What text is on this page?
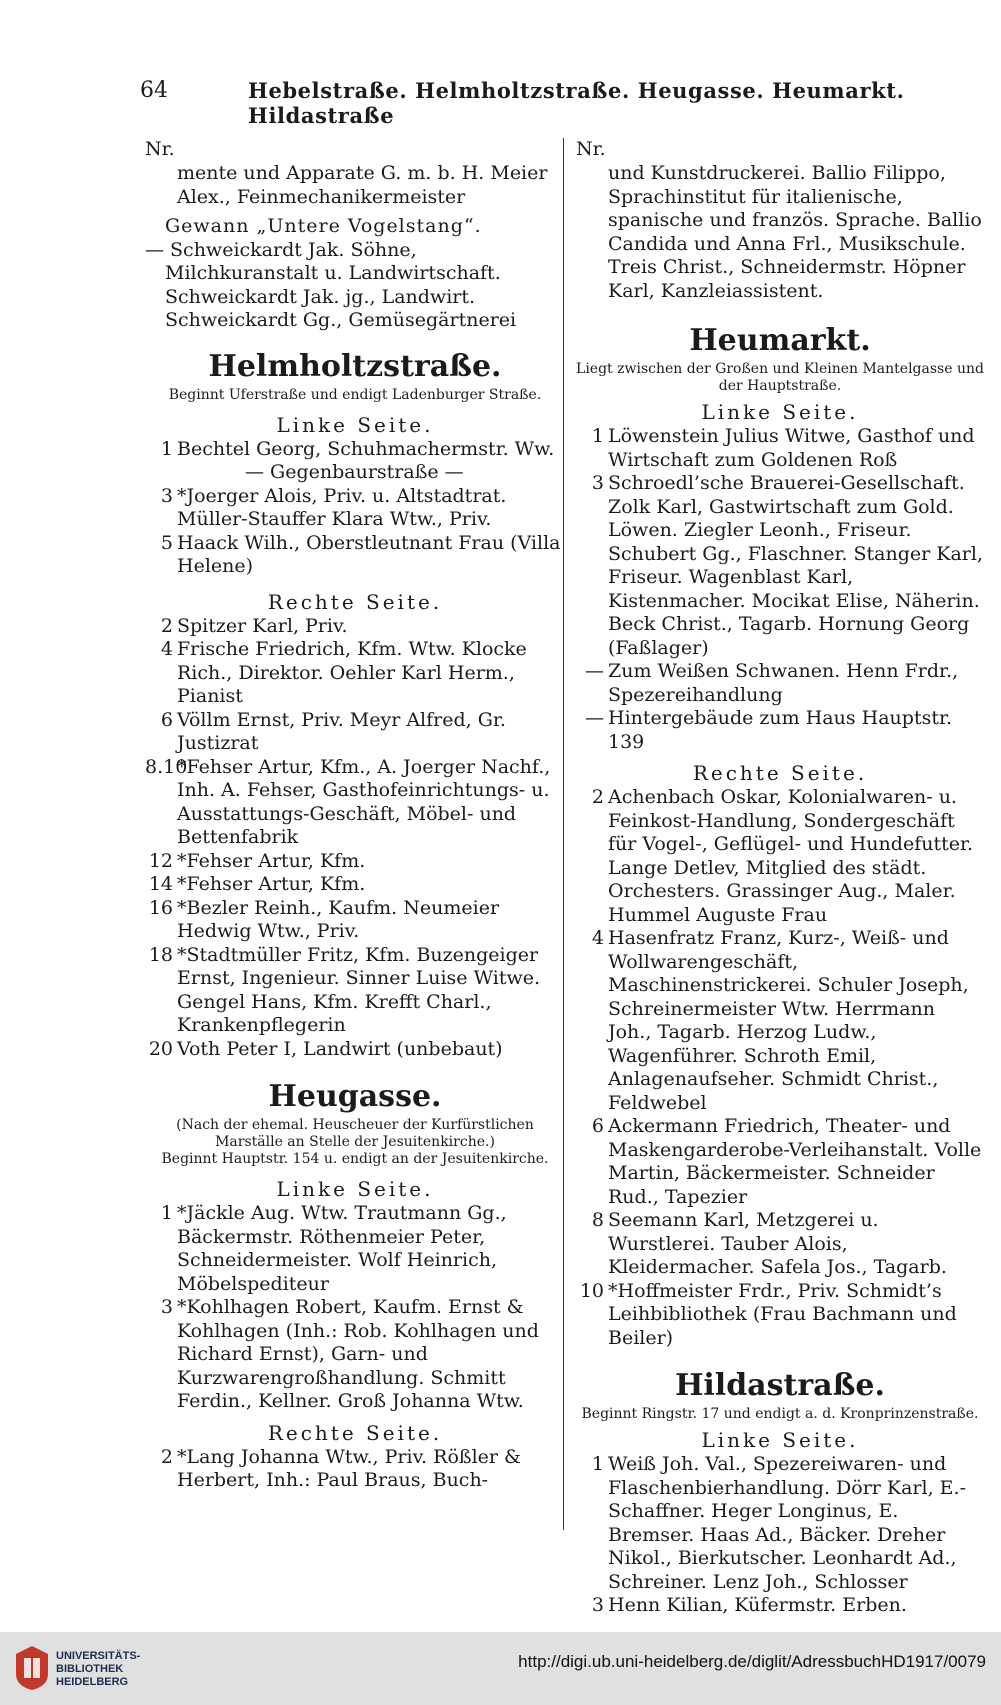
64	Hebelstraße. Helmholtzstraße. Heugasse. Heumarkt. Hildastraße
Nr.
mente und Apparate G. m. b. H. Meier Alex., Feinmechanikermeister
Gewann „Untere Vogelstang“.
— Schweickardt Jak. Söhne, Milchkuranstalt u. Landwirtschaft. Schweickardt Jak. jg., Landwirt. Schweickardt Gg., Gemüsegärtnerei
Helmholtzstraße.
Beginnt Uferstraße und endigt Ladenburger Straße.
Linke Seite.
1 Bechtel Georg, Schuhmachermstr. Ww.
— Gegenbaurstraße —
3 *Joerger Alois, Priv. u. Altstadtrat. Müller-Stauffer Klara Wtw., Priv.
5 Haack Wilh., Oberstleutnant Frau (Villa Helene)
Rechte Seite.
2 Spitzer Karl, Priv.
4 Frische Friedrich, Kfm. Wtw. Klocke Rich., Direktor. Oehler Karl Herm., Pianist
6 Völlm Ernst, Priv. Meyr Alfred, Gr. Justizrat
8.10
*Fehser Artur, Kfm., A. Joerger Nachf., Inh. A. Fehser, Gasthofeinrichtungs- u. Ausstattungs-Geschäft, Möbel- und Bettenfabrik
12 *Fehser Artur, Kfm.
14 *Fehser Artur, Kfm.
16 *Bezler Reinh., Kaufm. Neumeier Hedwig Wtw., Priv.
18 *Stadtmüller Fritz, Kfm. Buzengeiger Ernst, Ingenieur. Sinner Luise Witwe. Gengel Hans, Kfm. Krefft Charl., Krankenpflegerin
20 Voth Peter I, Landwirt (unbebaut)
Heugasse.
(Nach der ehemal. Heuscheuer der Kurfürstlichen Marställe an Stelle der Jesuitenkirche.)
Beginnt Hauptstr. 154 u. endigt an der Jesuitenkirche.
Linke Seite.
1 *Jäckle Aug. Wtw. Trautmann Gg., Bäckermstr. Röthenmeier Peter, Schneidermeister. Wolf Heinrich, Möbelspediteur
3 *Kohlhagen Robert, Kaufm. Ernst & Kohlhagen (Inh.: Rob. Kohlhagen und Richard Ernst), Garn- und Kurzwarengroßhandlung. Schmitt Ferdin., Kellner. Groß Johanna Wtw.
Rechte Seite.
2 *Lang Johanna Wtw., Priv. Rößler & Herbert, Inh.: Paul Braus, Buch-
Nr.
und Kunstdruckerei. Ballio Filippo, Sprachinstitut für italienische, spanische und französ. Sprache. Ballio Candida und Anna Frl., Musikschule. Treis Christ., Schneidermstr. Höpner Karl, Kanzleiassistent.
Heumarkt.
Liegt zwischen der Großen und Kleinen Mantelgasse und der Hauptstraße.
Linke Seite.
1 Löwenstein Julius Witwe, Gasthof und Wirtschaft zum Goldenen Roß
3 Schroedl’sche Brauerei-Gesellschaft. Zolk Karl, Gastwirtschaft zum Gold. Löwen. Ziegler Leonh., Friseur. Schubert Gg., Flaschner. Stanger Karl, Friseur. Wagenblast Karl, Kistenmacher. Mocikat Elise, Näherin. Beck Christ., Tagarb. Hornung Georg (Faßlager)
— Zum Weißen Schwanen. Henn Frdr., Spezereihandlung
— Hintergebäude zum Haus Hauptstr. 139
Rechte Seite.
2 Achenbach Oskar, Kolonialwaren- u. Feinkost-Handlung, Sondergeschäft für Vogel-, Geflügel- und Hundefutter. Lange Detlev, Mitglied des städt. Orchesters. Grassinger Aug., Maler. Hummel Auguste Frau
4 Hasenfratz Franz, Kurz-, Weiß- und Wollwarengeschäft, Maschinenstrickerei. Schuler Joseph, Schreinermeister Wtw. Herrmann Joh., Tagarb. Herzog Ludw., Wagenführer. Schroth Emil, Anlagenaufseher. Schmidt Christ., Feldwebel
6 Ackermann Friedrich, Theater- und Maskengarderobe-Verleihanstalt. Volle Martin, Bäckermeister. Schneider Rud., Tapezier
8 Seemann Karl, Metzgerei u. Wurstlerei. Tauber Alois, Kleidermacher. Safela Jos., Tagarb.
10 *Hoffmeister Frdr., Priv. Schmidt’s Leihbibliothek (Frau Bachmann und Beiler)
Hildastraße.
Beginnt Ringstr. 17 und endigt a. d. Kronprinzenstraße.
Linke Seite.
1 Weiß Joh. Val., Spezereiwaren- und Flaschenbierhandlung. Dörr Karl, E.-Schaffner. Heger Longinus, E. Bremser. Haas Ad., Bäcker. Dreher Nikol., Bierkutscher. Leonhardt Ad., Schreiner. Lenz Joh., Schlosser
3 Henn Kilian, Küfermstr. Erben.
UNIVERSITÄTS-
BIBLIOTHEK
HEIDELBERG
http://digi.ub.uni-heidelberg.de/diglit/AdressbuchHD1917/0079
